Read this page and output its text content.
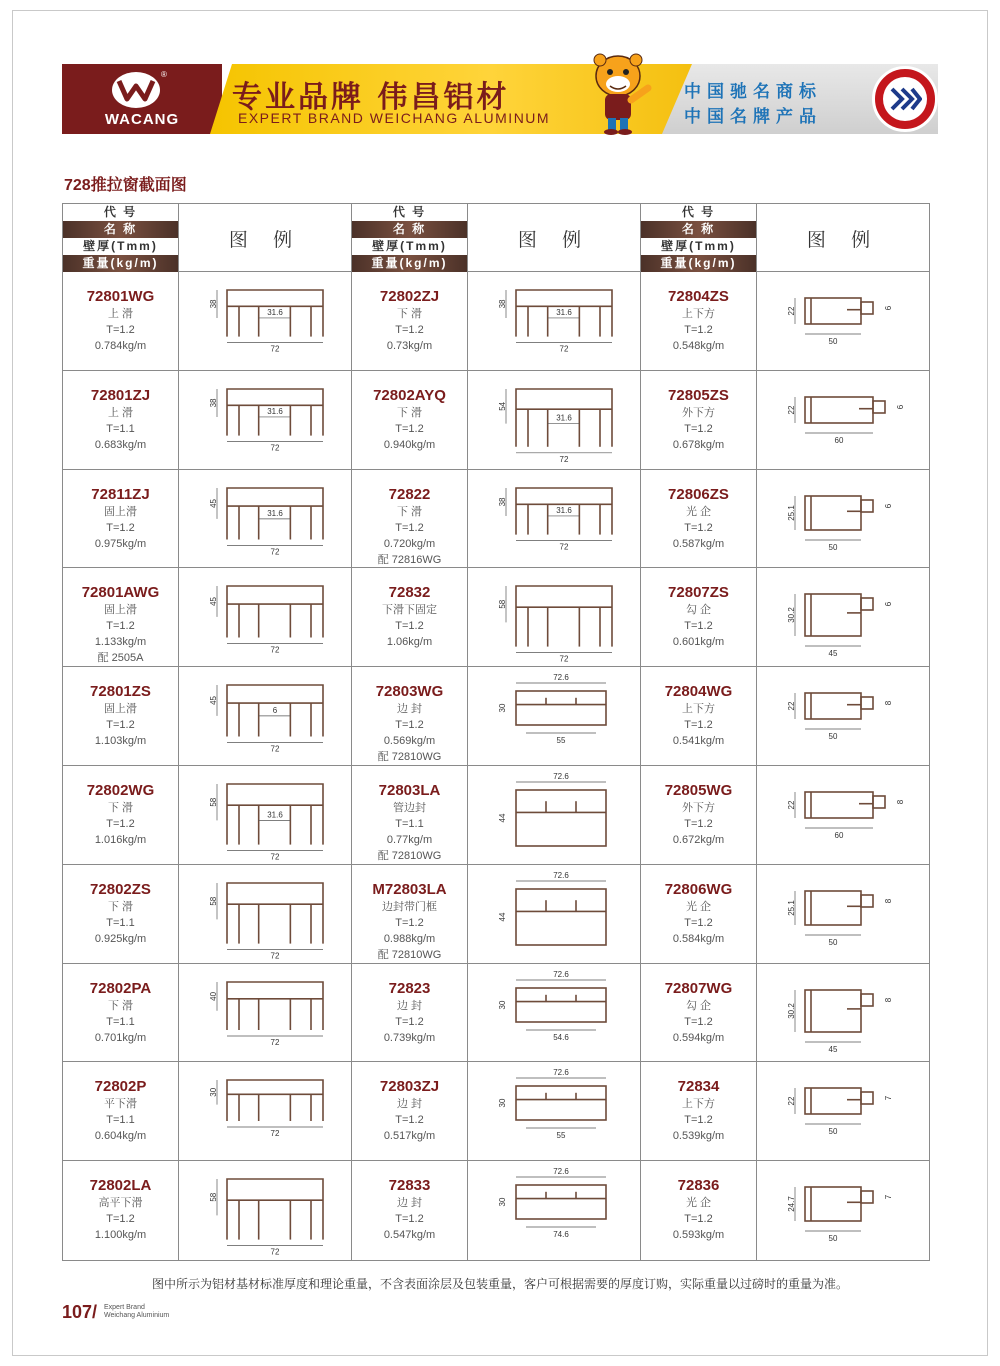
®
WACANG
专业品牌 伟昌铝材
EXPERT BRAND WEICHANG ALUMINUM
中国驰名商标
中国名牌产品
728推拉窗截面图
代 号
名 称
壁厚(Tmm)
重量(kg/m)
图 例
72801WG
上 滑
T=1.2
0.784kg/m
38
31.6
72
72801ZJ
上 滑
T=1.1
0.683kg/m
38
31.6
72
72811ZJ
固上滑
T=1.2
0.975kg/m
45
31.6
72
72801AWG
固上滑
T=1.2
1.133kg/m
配 2505A
45
72
72801ZS
固上滑
T=1.2
1.103kg/m
45
6
72
72802WG
下 滑
T=1.2
1.016kg/m
58
31.6
72
72802ZS
下 滑
T=1.1
0.925kg/m
58
72
72802PA
下 滑
T=1.1
0.701kg/m
40
72
72802P
平下滑
T=1.1
0.604kg/m
30
72
72802LA
高平下滑
T=1.2
1.100kg/m
58
72
代 号
名 称
壁厚(Tmm)
重量(kg/m)
图 例
72802ZJ
下 滑
T=1.2
0.73kg/m
38
31.6
72
72802AYQ
下 滑
T=1.2
0.940kg/m
54
31.6
72
72822
下 滑
T=1.2
0.720kg/m
配 72816WG
38
31.6
72
72832
下滑下固定
T=1.2
1.06kg/m
58
72
72803WG
边 封
T=1.2
0.569kg/m
配 72810WG
72.6
30
55
72803LA
管边封
T=1.1
0.77kg/m
配 72810WG
72.6
44
M72803LA
边封带门框
T=1.2
0.988kg/m
配 72810WG
72.6
44
72823
边 封
T=1.2
0.739kg/m
72.6
30
54.6
72803ZJ
边 封
T=1.2
0.517kg/m
72.6
30
55
72833
边 封
T=1.2
0.547kg/m
72.6
30
74.6
代 号
名 称
壁厚(Tmm)
重量(kg/m)
图 例
72804ZS
上下方
T=1.2
0.548kg/m
22
50
6
72805ZS
外下方
T=1.2
0.678kg/m
22
60
6
72806ZS
光 企
T=1.2
0.587kg/m
25.1
50
6
72807ZS
勾 企
T=1.2
0.601kg/m
30.2
45
6
72804WG
上下方
T=1.2
0.541kg/m
22
50
8
72805WG
外下方
T=1.2
0.672kg/m
22
60
8
72806WG
光 企
T=1.2
0.584kg/m
25.1
50
8
72807WG
勾 企
T=1.2
0.594kg/m
30.2
45
8
72834
上下方
T=1.2
0.539kg/m
22
50
7
72836
光 企
T=1.2
0.593kg/m
24.7
50
7
图中所示为铝材基材标准厚度和理论重量，不含表面涂层及包装重量，客户可根据需要的厚度订购，实际重量以过磅时的重量为准。
107/ Expert Brand
Weichang Aluminium
